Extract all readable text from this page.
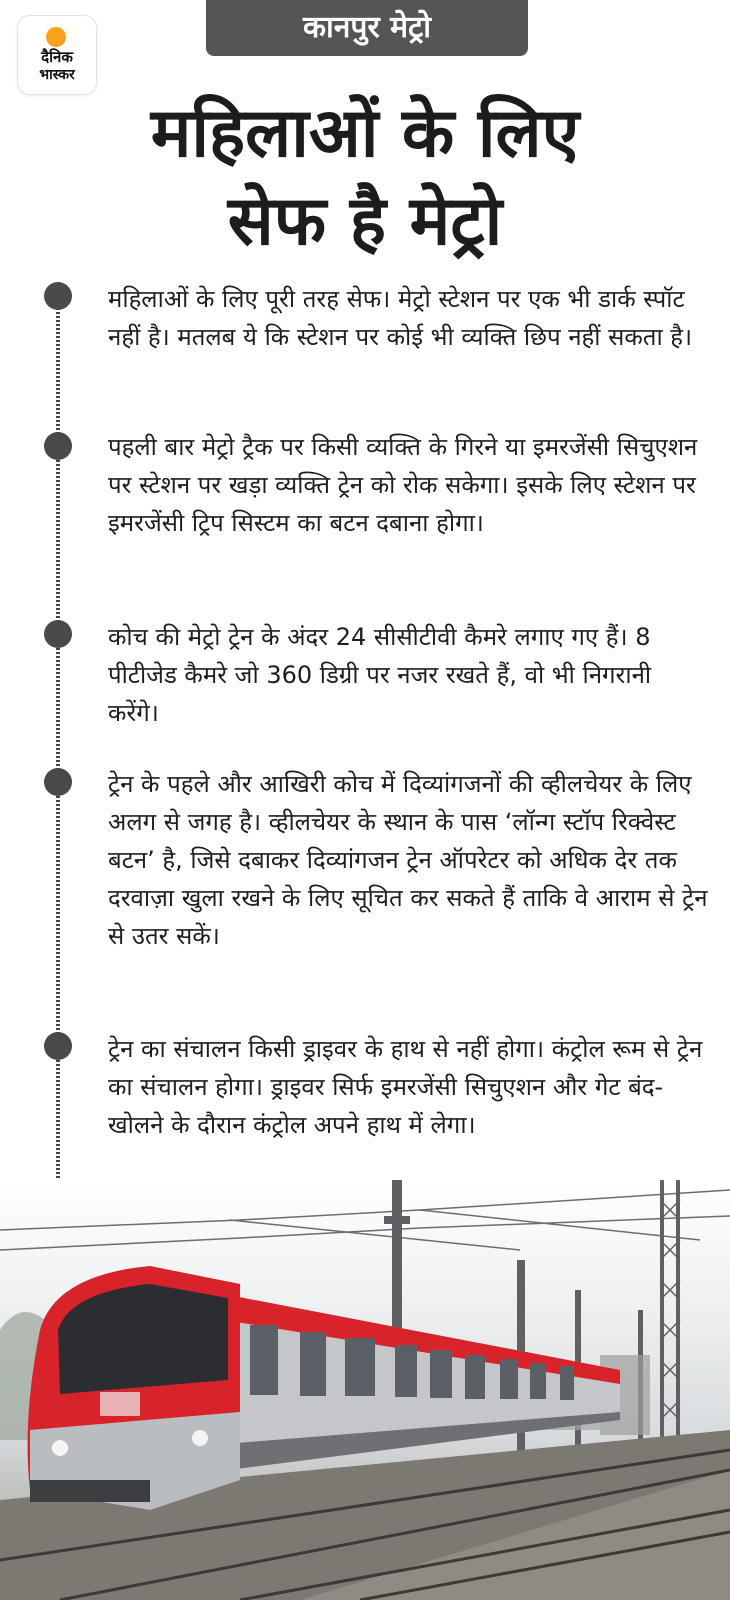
दैनिक
भास्कर
कानपुर मेट्रो
महिलाओं के लिए
सेफ है मेट्रो
महिलाओं के लिए पूरी तरह सेफ। मेट्रो स्टेशन पर एक भी डार्क स्पॉट नहीं है। मतलब ये कि स्टेशन पर कोई भी व्यक्ति छिप नहीं सकता है।
पहली बार मेट्रो ट्रैक पर किसी व्यक्ति के गिरने या इमरजेंसी सिचुएशन पर स्टेशन पर खड़ा व्यक्ति ट्रेन को रोक सकेगा। इसके लिए स्टेशन पर इमरजेंसी ट्रिप सिस्टम का बटन दबाना होगा।
कोच की मेट्रो ट्रेन के अंदर 24 सीसीटीवी कैमरे लगाए गए हैं। 8 पीटीजेड कैमरे जो 360 डिग्री पर नजर रखते हैं, वो भी निगरानी करेंगे।
ट्रेन के पहले और आखिरी कोच में दिव्यांगजनों की व्हीलचेयर के लिए अलग से जगह है। व्हीलचेयर के स्थान के पास ‘लॉन्ग स्टॉप रिक्वेस्ट बटन’ है, जिसे दबाकर दिव्यांगजन ट्रेन ऑपरेटर को अधिक देर तक दरवाज़ा खुला रखने के लिए सूचित कर सकते हैं ताकि वे आराम से ट्रेन से उतर सकें।
ट्रेन का संचालन किसी ड्राइवर के हाथ से नहीं होगा। कंट्रोल रूम से ट्रेन का संचालन होगा। ड्राइवर सिर्फ इमरजेंसी सिचुएशन और गेट बंद-खोलने के दौरान कंट्रोल अपने हाथ में लेगा।
